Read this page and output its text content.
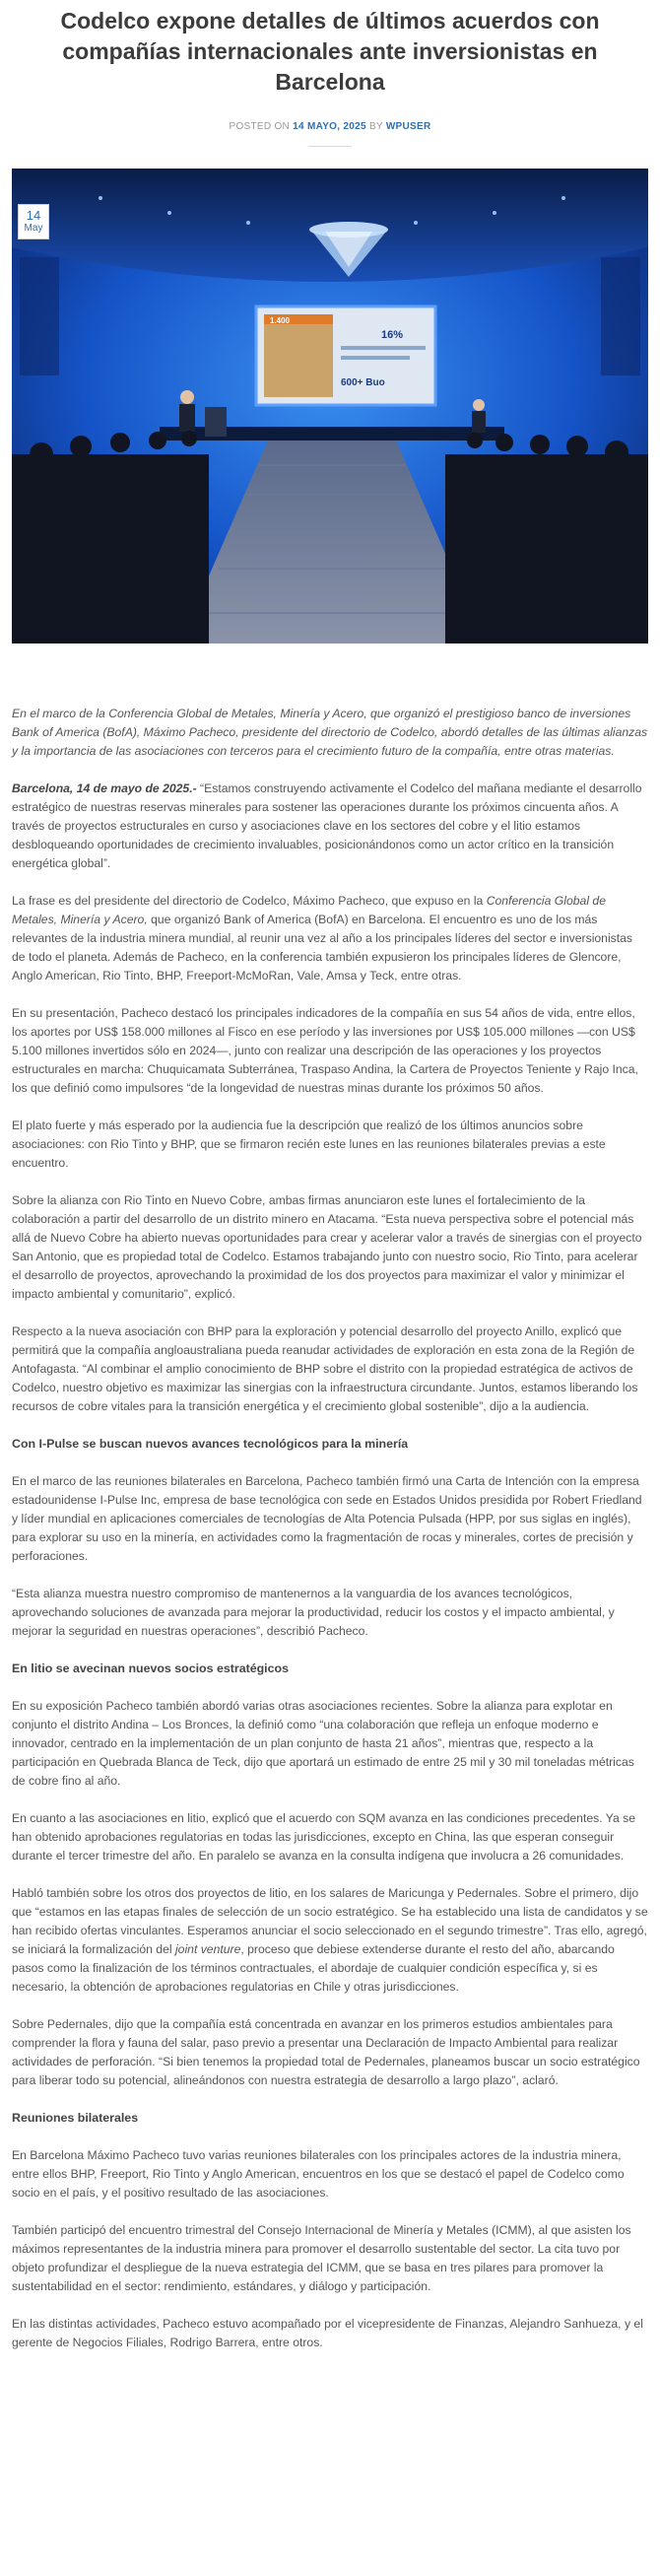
Codelco expone detalles de últimos acuerdos con compañías internacionales ante inversionistas en Barcelona
POSTED ON 14 MAYO, 2025 BY WPUSER
1.400
16%
600+ Buo
14
May

En el marco de la Conferencia Global de Metales, Minería y Acero, que organizó el prestigioso banco de inversiones Bank of America (BofA), Máximo Pacheco, presidente del directorio de Codelco, abordó detalles de las últimas alianzas y la importancia de las asociaciones con terceros para el crecimiento futuro de la compañía, entre otras materias.

Barcelona, 14 de mayo de 2025.- “Estamos construyendo activamente el Codelco del mañana mediante el desarrollo estratégico de nuestras reservas minerales para sostener las operaciones durante los próximos cincuenta años. A través de proyectos estructurales en curso y asociaciones clave en los sectores del cobre y el litio estamos desbloqueando oportunidades de crecimiento invaluables, posicionándonos como un actor crítico en la transición energética global”.

La frase es del presidente del directorio de Codelco, Máximo Pacheco, que expuso en la Conferencia Global de Metales, Minería y Acero, que organizó Bank of America (BofA) en Barcelona. El encuentro es uno de los más relevantes de la industria minera mundial, al reunir una vez al año a los principales líderes del sector e inversionistas de todo el planeta. Además de Pacheco, en la conferencia también expusieron los principales líderes de Glencore, Anglo American, Rio Tinto, BHP, Freeport-McMoRan, Vale, Amsa y Teck, entre otras.

En su presentación, Pacheco destacó los principales indicadores de la compañía en sus 54 años de vida, entre ellos, los aportes por US$ 158.000 millones al Fisco en ese período y las inversiones por US$ 105.000 millones —con US$ 5.100 millones invertidos sólo en 2024—, junto con realizar una descripción de las operaciones y los proyectos estructurales en marcha: Chuquicamata Subterránea, Traspaso Andina, la Cartera de Proyectos Teniente y Rajo Inca, los que definió como impulsores “de la longevidad de nuestras minas durante los próximos 50 años.

El plato fuerte y más esperado por la audiencia fue la descripción que realizó de los últimos anuncios sobre asociaciones: con Rio Tinto y BHP, que se firmaron recién este lunes en las reuniones bilaterales previas a este encuentro.

Sobre la alianza con Rio Tinto en Nuevo Cobre, ambas firmas anunciaron este lunes el fortalecimiento de la colaboración a partir del desarrollo de un distrito minero en Atacama. “Esta nueva perspectiva sobre el potencial más allá de Nuevo Cobre ha abierto nuevas oportunidades para crear y acelerar valor a través de sinergias con el proyecto San Antonio, que es propiedad total de Codelco. Estamos trabajando junto con nuestro socio, Rio Tinto, para acelerar el desarrollo de proyectos, aprovechando la proximidad de los dos proyectos para maximizar el valor y minimizar el impacto ambiental y comunitario”, explicó.

Respecto a la nueva asociación con BHP para la exploración y potencial desarrollo del proyecto Anillo, explicó que permitirá que la compañía angloaustraliana pueda reanudar actividades de exploración en esta zona de la Región de Antofagasta. “Al combinar el amplio conocimiento de BHP sobre el distrito con la propiedad estratégica de activos de Codelco, nuestro objetivo es maximizar las sinergias con la infraestructura circundante. Juntos, estamos liberando los recursos de cobre vitales para la transición energética y el crecimiento global sostenible”, dijo a la audiencia.

Con I-Pulse se buscan nuevos avances tecnológicos para la minería

En el marco de las reuniones bilaterales en Barcelona, Pacheco también firmó una Carta de Intención con la empresa estadounidense I-Pulse Inc, empresa de base tecnológica con sede en Estados Unidos presidida por Robert Friedland y líder mundial en aplicaciones comerciales de tecnologías de Alta Potencia Pulsada (HPP, por sus siglas en inglés), para explorar su uso en la minería, en actividades como la fragmentación de rocas y minerales, cortes de precisión y perforaciones.

“Esta alianza muestra nuestro compromiso de mantenernos a la vanguardia de los avances tecnológicos, aprovechando soluciones de avanzada para mejorar la productividad, reducir los costos y el impacto ambiental, y mejorar la seguridad en nuestras operaciones”, describió Pacheco.

En litio se avecinan nuevos socios estratégicos

En su exposición Pacheco también abordó varias otras asociaciones recientes. Sobre la alianza para explotar en conjunto el distrito Andina – Los Bronces, la definió como “una colaboración que refleja un enfoque moderno e innovador, centrado en la implementación de un plan conjunto de hasta 21 años”, mientras que, respecto a la participación en Quebrada Blanca de Teck, dijo que aportará un estimado de entre 25 mil y 30 mil toneladas métricas de cobre fino al año.

En cuanto a las asociaciones en litio, explicó que el acuerdo con SQM avanza en las condiciones precedentes. Ya se han obtenido aprobaciones regulatorias en todas las jurisdicciones, excepto en China, las que esperan conseguir durante el tercer trimestre del año. En paralelo se avanza en la consulta indígena que involucra a 26 comunidades.

Habló también sobre los otros dos proyectos de litio, en los salares de Maricunga y Pedernales. Sobre el primero, dijo que “estamos en las etapas finales de selección de un socio estratégico. Se ha establecido una lista de candidatos y se han recibido ofertas vinculantes. Esperamos anunciar el socio seleccionado en el segundo trimestre”. Tras ello, agregó, se iniciará la formalización del joint venture, proceso que debiese extenderse durante el resto del año, abarcando pasos como la finalización de los términos contractuales, el abordaje de cualquier condición específica y, si es necesario, la obtención de aprobaciones regulatorias en Chile y otras jurisdicciones.

Sobre Pedernales, dijo que la compañía está concentrada en avanzar en los primeros estudios ambientales para comprender la flora y fauna del salar, paso previo a presentar una Declaración de Impacto Ambiental para realizar actividades de perforación. “Si bien tenemos la propiedad total de Pedernales, planeamos buscar un socio estratégico para liberar todo su potencial, alineándonos con nuestra estrategia de desarrollo a largo plazo”, aclaró.

Reuniones bilaterales

En Barcelona Máximo Pacheco tuvo varias reuniones bilaterales con los principales actores de la industria minera, entre ellos BHP, Freeport, Rio Tinto y Anglo American, encuentros en los que se destacó el papel de Codelco como socio en el país, y el positivo resultado de las asociaciones.

También participó del encuentro trimestral del Consejo Internacional de Minería y Metales (ICMM), al que asisten los máximos representantes de la industria minera para promover el desarrollo sustentable del sector. La cita tuvo por objeto profundizar el despliegue de la nueva estrategia del ICMM, que se basa en tres pilares para promover la sustentabilidad en el sector: rendimiento, estándares, y diálogo y participación.

En las distintas actividades, Pacheco estuvo acompañado por el vicepresidente de Finanzas, Alejandro Sanhueza, y el gerente de Negocios Filiales, Rodrigo Barrera, entre otros.
